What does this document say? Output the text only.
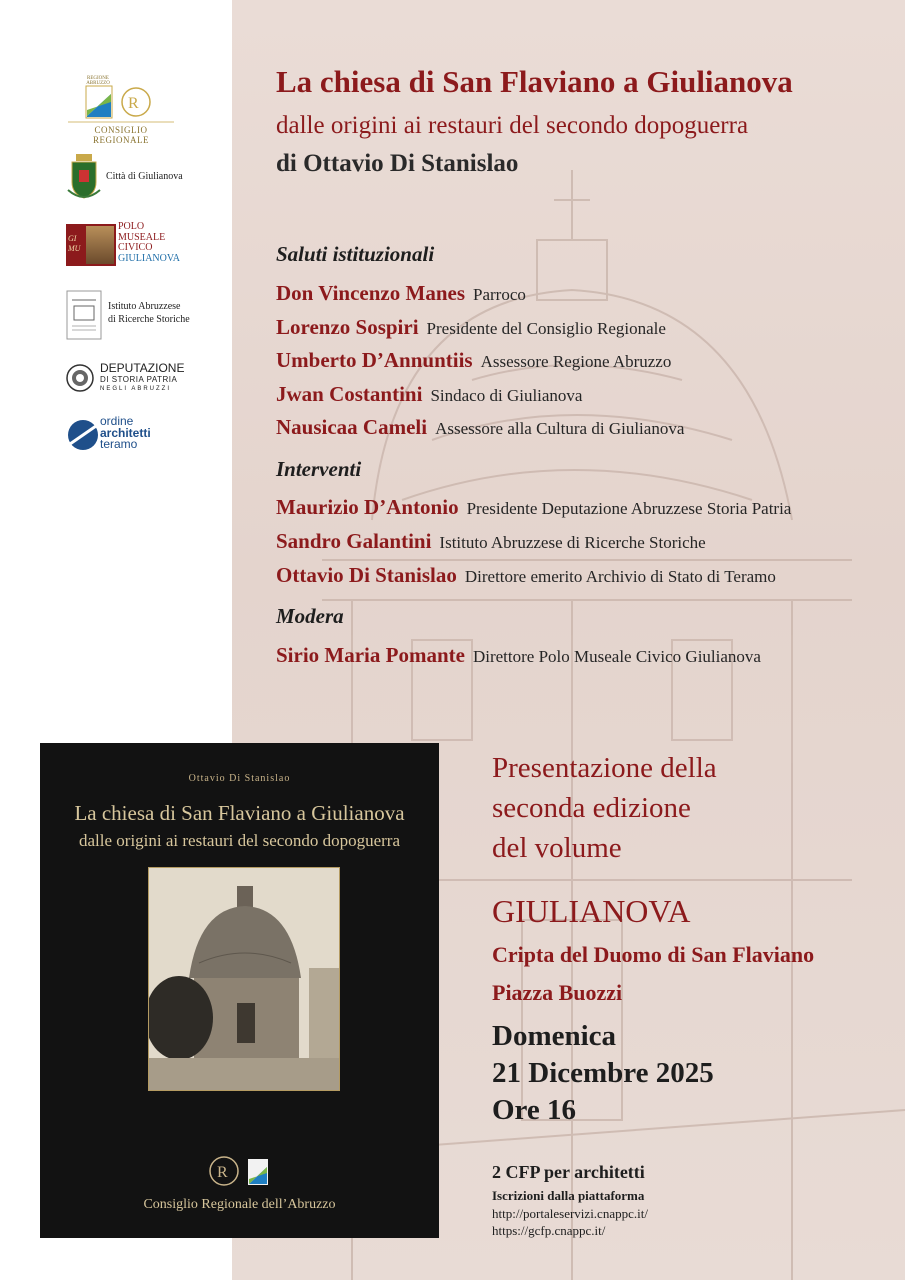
REGIONE ABRUZZO
R
CONSIGLIO REGIONALE
Città di Giulianova
GI MU
POLO
MUSEALE
CIVICO
GIULIANOVA
Istituto Abruzzese
di Ricerche Storiche
DEPUTAZIONE
DI STORIA PATRIA
NEGLI ABRUZZI
ordine
architetti
teramo
La chiesa di San Flaviano a Giulianova
dalle origini ai restauri del secondo dopoguerra
di Ottavio Di Stanislao
Saluti istituzionali
Don Vincenzo Manes Parroco
Lorenzo Sospiri Presidente del Consiglio Regionale
Umberto D’Annuntiis Assessore Regione Abruzzo
Jwan Costantini Sindaco di Giulianova
Nausicaa Cameli Assessore alla Cultura di Giulianova
Interventi
Maurizio D’Antonio Presidente Deputazione Abruzzese Storia Patria
Sandro Galantini Istituto Abruzzese di Ricerche Storiche
Ottavio Di Stanislao Direttore emerito Archivio di Stato di Teramo
Modera
Sirio Maria Pomante Direttore Polo Museale Civico Giulianova
Ottavio Di Stanislao
La chiesa di San Flaviano a Giulianova
dalle origini ai restauri del secondo dopoguerra
R
Consiglio Regionale dell’Abruzzo
Presentazione della
seconda edizione
del volume
GIULIANOVA
Cripta del Duomo di San Flaviano
Piazza Buozzi
Domenica
21 Dicembre 2025
Ore 16
2 CFP per architetti
Iscrizioni dalla piattaforma
http://portaleservizi.cnappc.it/
https://gcfp.cnappc.it/
